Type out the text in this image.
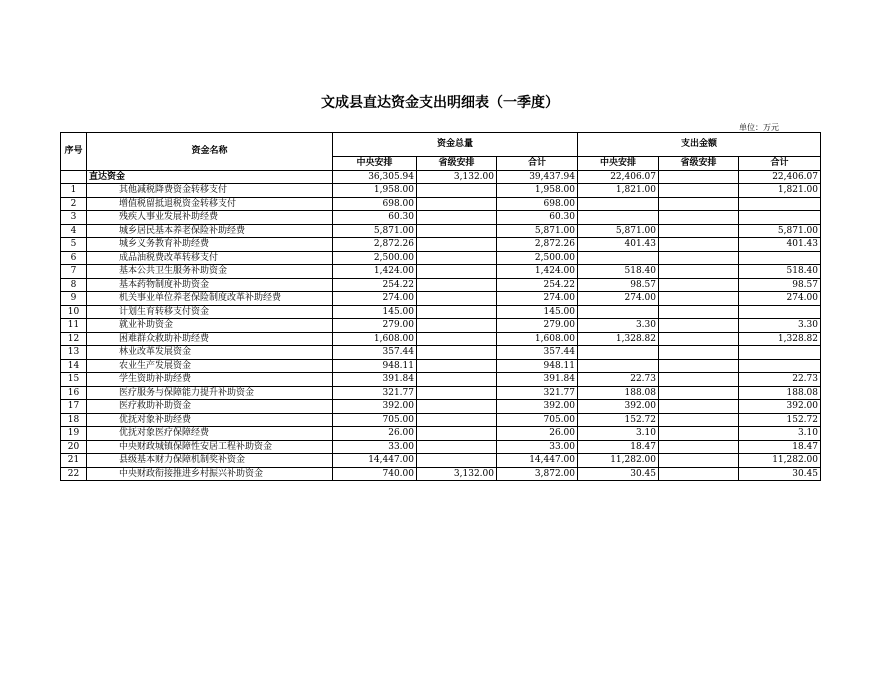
文成县直达资金支出明细表（一季度）
单位：万元
序号	资金名称	资金总量			支出金额		
		中央安排	省级安排	合计	中央安排	省级安排	合计
	直达资金	36,305.94	3,132.00	39,437.94	22,406.07		22,406.07
1	其他减税降费资金转移支付	1,958.00		1,958.00	1,821.00		1,821.00
2	增值税留抵退税资金转移支付	698.00		698.00			
3	残疾人事业发展补助经费	60.30		60.30			
4	城乡居民基本养老保险补助经费	5,871.00		5,871.00	5,871.00		5,871.00
5	城乡义务教育补助经费	2,872.26		2,872.26	401.43		401.43
6	成品油税费改革转移支付	2,500.00		2,500.00			
7	基本公共卫生服务补助资金	1,424.00		1,424.00	518.40		518.40
8	基本药物制度补助资金	254.22		254.22	98.57		98.57
9	机关事业单位养老保险制度改革补助经费	274.00		274.00	274.00		274.00
10	计划生育转移支付资金	145.00		145.00			
11	就业补助资金	279.00		279.00	3.30		3.30
12	困难群众救助补助经费	1,608.00		1,608.00	1,328.82		1,328.82
13	林业改革发展资金	357.44		357.44			
14	农业生产发展资金	948.11		948.11			
15	学生资助补助经费	391.84		391.84	22.73		22.73
16	医疗服务与保障能力提升补助资金	321.77		321.77	188.08		188.08
17	医疗救助补助资金	392.00		392.00	392.00		392.00
18	优抚对象补助经费	705.00		705.00	152.72		152.72
19	优抚对象医疗保障经费	26.00		26.00	3.10		3.10
20	中央财政城镇保障性安居工程补助资金	33.00		33.00	18.47		18.47
21	县级基本财力保障机制奖补资金	14,447.00		14,447.00	11,282.00		11,282.00
22	中央财政衔接推进乡村振兴补助资金	740.00	3,132.00	3,872.00	30.45		30.45
